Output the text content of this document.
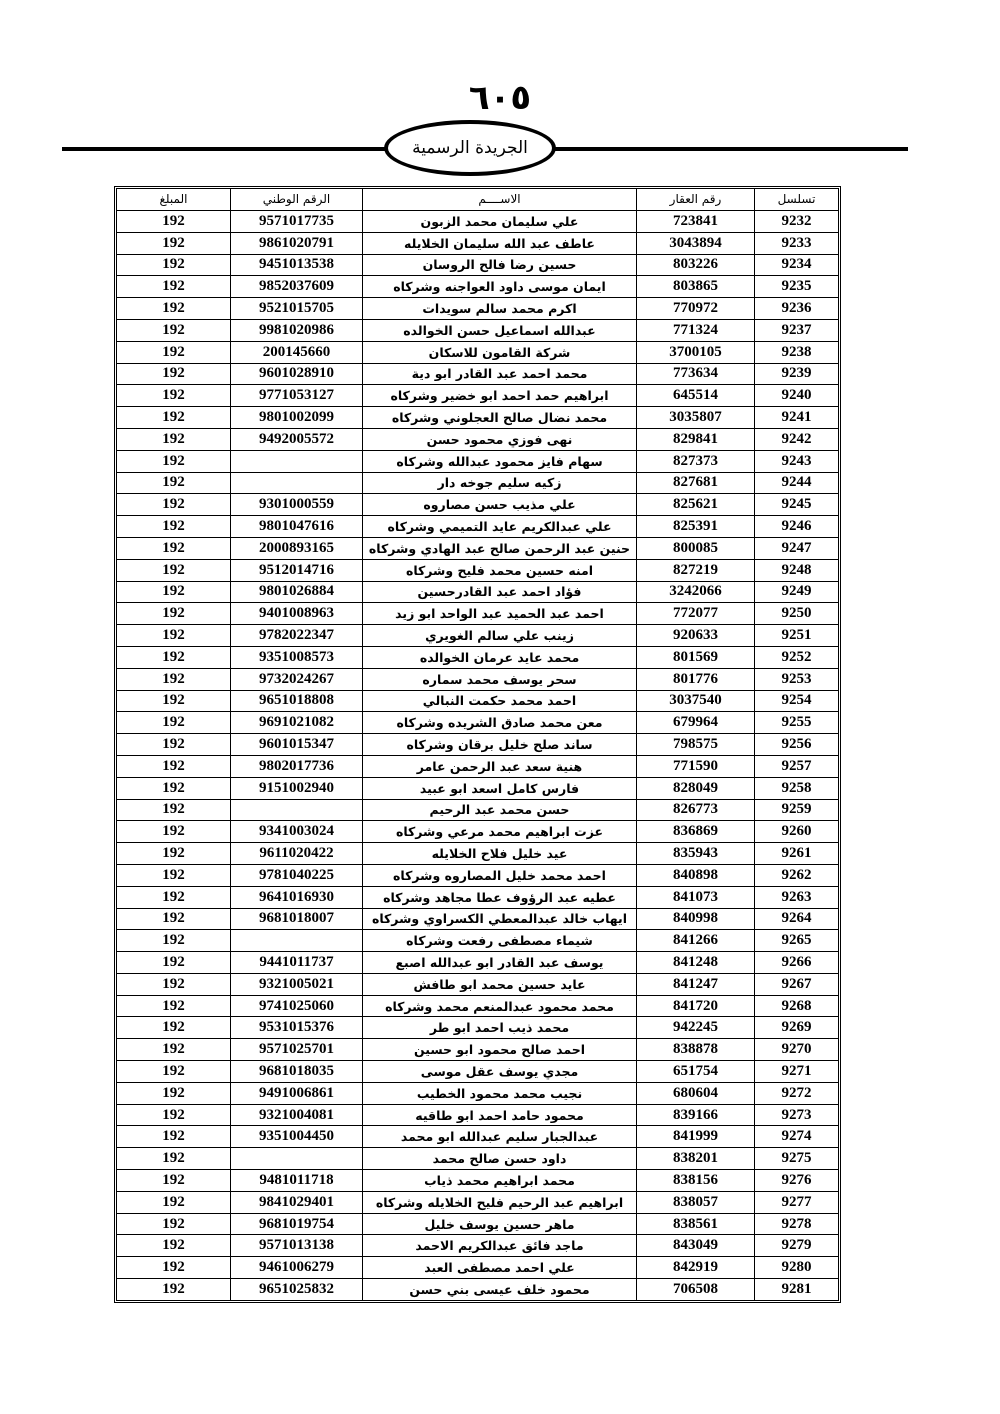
٦٠٥
الجريدة الرسمية
تسلسل	رقم العقار	الاســــم	الرقم الوطني	المبلغ
9232	723841	علي سليمان محمد الزبون	9571017735	192
9233	3043894	عاطف عبد الله سليمان الخلايله	9861020791	192
9234	803226	حسين رضا فالح الروسان	9451013538	192
9235	803865	ايمان موسى داود العواجنه وشركاه	9852037609	192
9236	770972	اكرم محمد سالم سويدات	9521015705	192
9237	771324	عبدالله اسماعيل حسن الخوالده	9981020986	192
9238	3700105	شركة القامون للاسكان	200145660	192
9239	773634	محمد احمد عبد القادر ابو دية	9601028910	192
9240	645514	ابراهيم حمد احمد ابو خضير وشركاه	9771053127	192
9241	3035807	محمد نضال صالح العجلوني وشركاه	9801002099	192
9242	829841	نهى فوزي محمود حسن	9492005572	192
9243	827373	سهام فايز محمود عبدالله وشركاه		192
9244	827681	زكيه سليم جوخه دار		192
9245	825621	علي مذيب حسن مصاروه	9301000559	192
9246	825391	علي عبدالكريم عايد التميمي وشركاه	9801047616	192
9247	800085	حنين عبد الرحمن صالح عبد الهادي وشركاه	2000893165	192
9248	827219	امنه حسين محمد فليح وشركاه	9512014716	192
9249	3242066	فؤاد احمد عبد القادرحسين	9801026884	192
9250	772077	احمد عبد الحميد عبد الواحد ابو زيد	9401008963	192
9251	920633	زينب علي سالم الغويري	9782022347	192
9252	801569	محمد عايد عرمان الخوالده	9351008573	192
9253	801776	سحر يوسف محمد سماره	9732024267	192
9254	3037540	احمد محمد حكمت النبالي	9651018808	192
9255	679964	معن محمد صادق الشريده وشركاه	9691021082	192
9256	798575	ساند صلح خليل برقان وشركاه	9601015347	192
9257	771590	هنية سعد عبد الرحمن عامر	9802017736	192
9258	828049	فارس كامل اسعد ابو عبيد	9151002940	192
9259	826773	حسن محمد عبد الرحيم		192
9260	836869	عزت ابراهيم محمد مرعي وشركاه	9341003024	192
9261	835943	عيد خليل فلاح الخلايله	9611020422	192
9262	840898	احمد محمد خليل المصاروه وشركاه	9781040225	192
9263	841073	عطيه عبد الرؤوف عطا مجاهد وشركاه	9641016930	192
9264	840998	ايهاب خالد عبدالمعطي الكسراوي وشركاه	9681018007	192
9265	841266	شيماء مصطفى رفعت وشركاه		192
9266	841248	يوسف عبد القادر ابو عبدالله اصبع	9441011737	192
9267	841247	عايد حسين محمد ابو طافش	9321005021	192
9268	841720	محمد محمود عبدالمنعم محمد وشركاه	9741025060	192
9269	942245	محمد ذيب احمد ابو طر	9531015376	192
9270	838878	احمد صالح محمود ابو حسين	9571025701	192
9271	651754	مجدي يوسف عقل موسى	9681018035	192
9272	680604	نجيب محمد محمود الخطيب	9491006861	192
9273	839166	محمود حامد احمد ابو طاقيه	9321004081	192
9274	841999	عبدالجبار سليم عبدالله ابو محمد	9351004450	192
9275	838201	داود حسن صالح محمد		192
9276	838156	محمد ابراهيم محمد ذياب	9481011718	192
9277	838057	ابراهيم عبد الرحيم فليح الخلايله وشركاه	9841029401	192
9278	838561	ماهر حسين يوسف خليل	9681019754	192
9279	843049	ماجد فائق عبدالكريم الاحمد	9571013138	192
9280	842919	علي احمد مصطفى العبد	9461006279	192
9281	706508	محمود خلف عيسى بني حسن	9651025832	192
